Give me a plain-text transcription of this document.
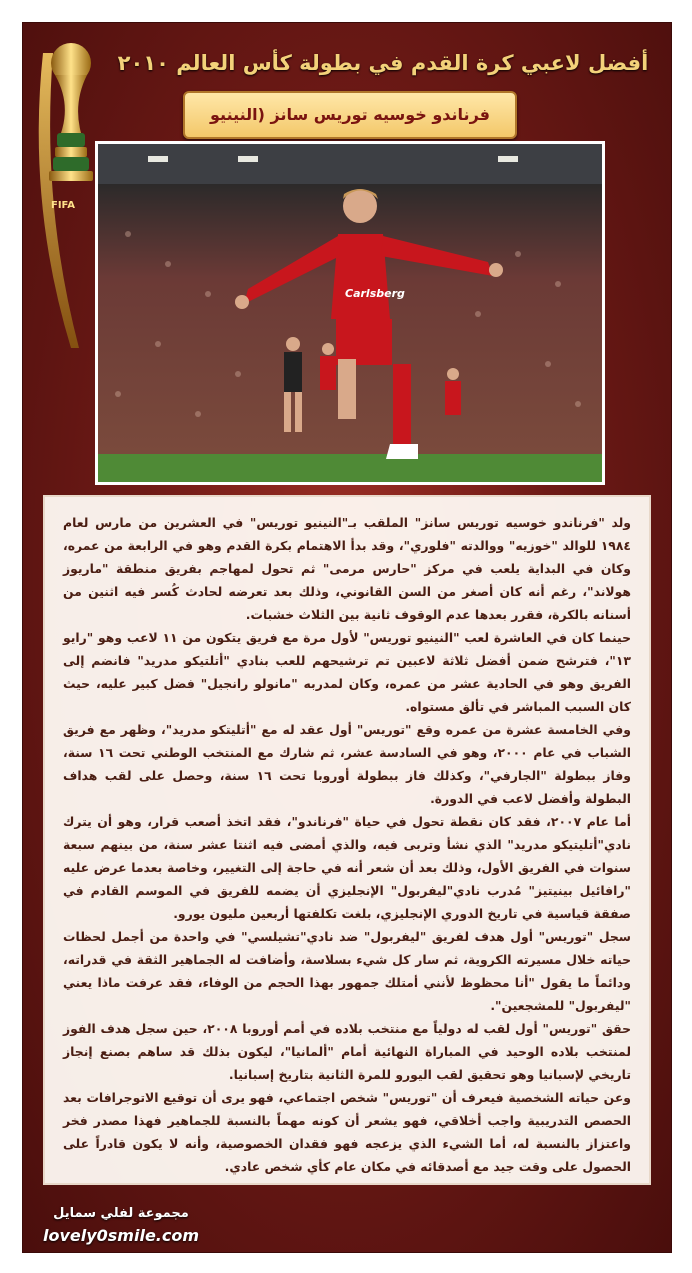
FIFA
أفضل لاعبي كرة القدم في بطولة كأس العالم ٢٠١٠
فرناندو خوسيه توريس سانز (النينيو
Carlsberg

ولد "فرناندو خوسيه توريس سانز" الملقب بـ"النينيو توريس" في العشرين من مارس لعام ١٩٨٤ للوالد "خوزيه" ووالدته "فلوري"، وقد بدأ الاهتمام بكرة القدم وهو في الرابعة من عمره، وكان في البداية يلعب في مركز "حارس مرمى" ثم تحول لمهاجم بفريق منطقة "ماريوز هولاند"، رغم أنه كان أصغر من السن القانوني، وذلك بعد تعرضه لحادث كُسر فيه اثنين من أسنانه بالكرة، فقرر بعدها عدم الوقوف ثانية بين الثلاث خشبات.

حينما كان في العاشرة لعب "النينيو توريس" لأول مرة مع فريق يتكون من ١١ لاعب وهو "رايو ١٣"، فترشح ضمن أفضل ثلاثة لاعبين تم ترشيحهم للعب بنادي "أتلتيكو مدريد" فانضم إلى الفريق وهو في الحادية عشر من عمره، وكان لمدربه "مانولو رانجيل" فضل كبير عليه، حيث كان السبب المباشر في تألق مستواه.

وفي الخامسة عشرة من عمره وقع "توريس" أول عقد له مع "أتليتكو مدريد"، وظهر مع فريق الشباب في عام ٢٠٠٠، وهو في السادسة عشر، ثم شارك مع المنتخب الوطني تحت ١٦ سنة، وفاز ببطولة "الجارفي"، وكذلك فاز ببطولة أوروبا تحت ١٦ سنة، وحصل على لقب هداف البطولة وأفضل لاعب في الدورة.

أما عام ٢٠٠٧، فقد كان نقطة تحول في حياة "فرناندو"، فقد اتخذ أصعب قرار، وهو أن يترك نادي"أتليتيكو مدريد" الذي نشأ وتربى فيه، والذي أمضى فيه اثنتا عشر سنة، من بينهم سبعة سنوات في الفريق الأول، وذلك بعد أن شعر أنه في حاجة إلى التغيير، وخاصة بعدما عرض عليه "رافائيل بينيتيز" مُدرب نادي"ليفربول" الإنجليزي أن يضمه للفريق في الموسم القادم في صفقة قياسية في تاريخ الدوري الإنجليزي، بلغت تكلفتها أربعين مليون يورو.

سجل "توريس" أول هدف لفريق "ليفربول" ضد نادي"تشيلسي" في واحدة من أجمل لحظات حياته خلال مسيرته الكروية، ثم سار كل شيء بسلاسة، وأضافت له الجماهير الثقة في قدراته، ودائماً ما يقول "أنا محظوظ لأنني أمتلك جمهور بهذا الحجم من الوفاء، فقد عرفت ماذا يعني "ليفربول" للمشجعين".

حقق "توريس" أول لقب له دولياً مع منتخب بلاده في أمم أوروبا ٢٠٠٨، حين سجل هدف الفوز لمنتخب بلاده الوحيد في المباراة النهائية أمام "ألمانيا"، ليكون بذلك قد ساهم بصنع إنجاز تاريخي لإسبانيا وهو تحقيق لقب اليورو للمرة الثانية بتاريخ إسبانيا.

وعن حياته الشخصية فيعرف أن "توريس" شخص اجتماعي، فهو يرى أن توقيع الاتوجرافات بعد الحصص التدريبية واجب أخلاقي، فهو يشعر أن كونه مهماً بالنسبة للجماهير فهذا مصدر فخر واعتزاز بالنسبة له، أما الشيء الذي يزعجه فهو فقدان الخصوصية، وأنه لا يكون قادراً على الحصول على وقت جيد مع أصدقائه في مكان عام كأي شخص عادي.

مجموعة لفلي سمايل
lovely0smile.com
